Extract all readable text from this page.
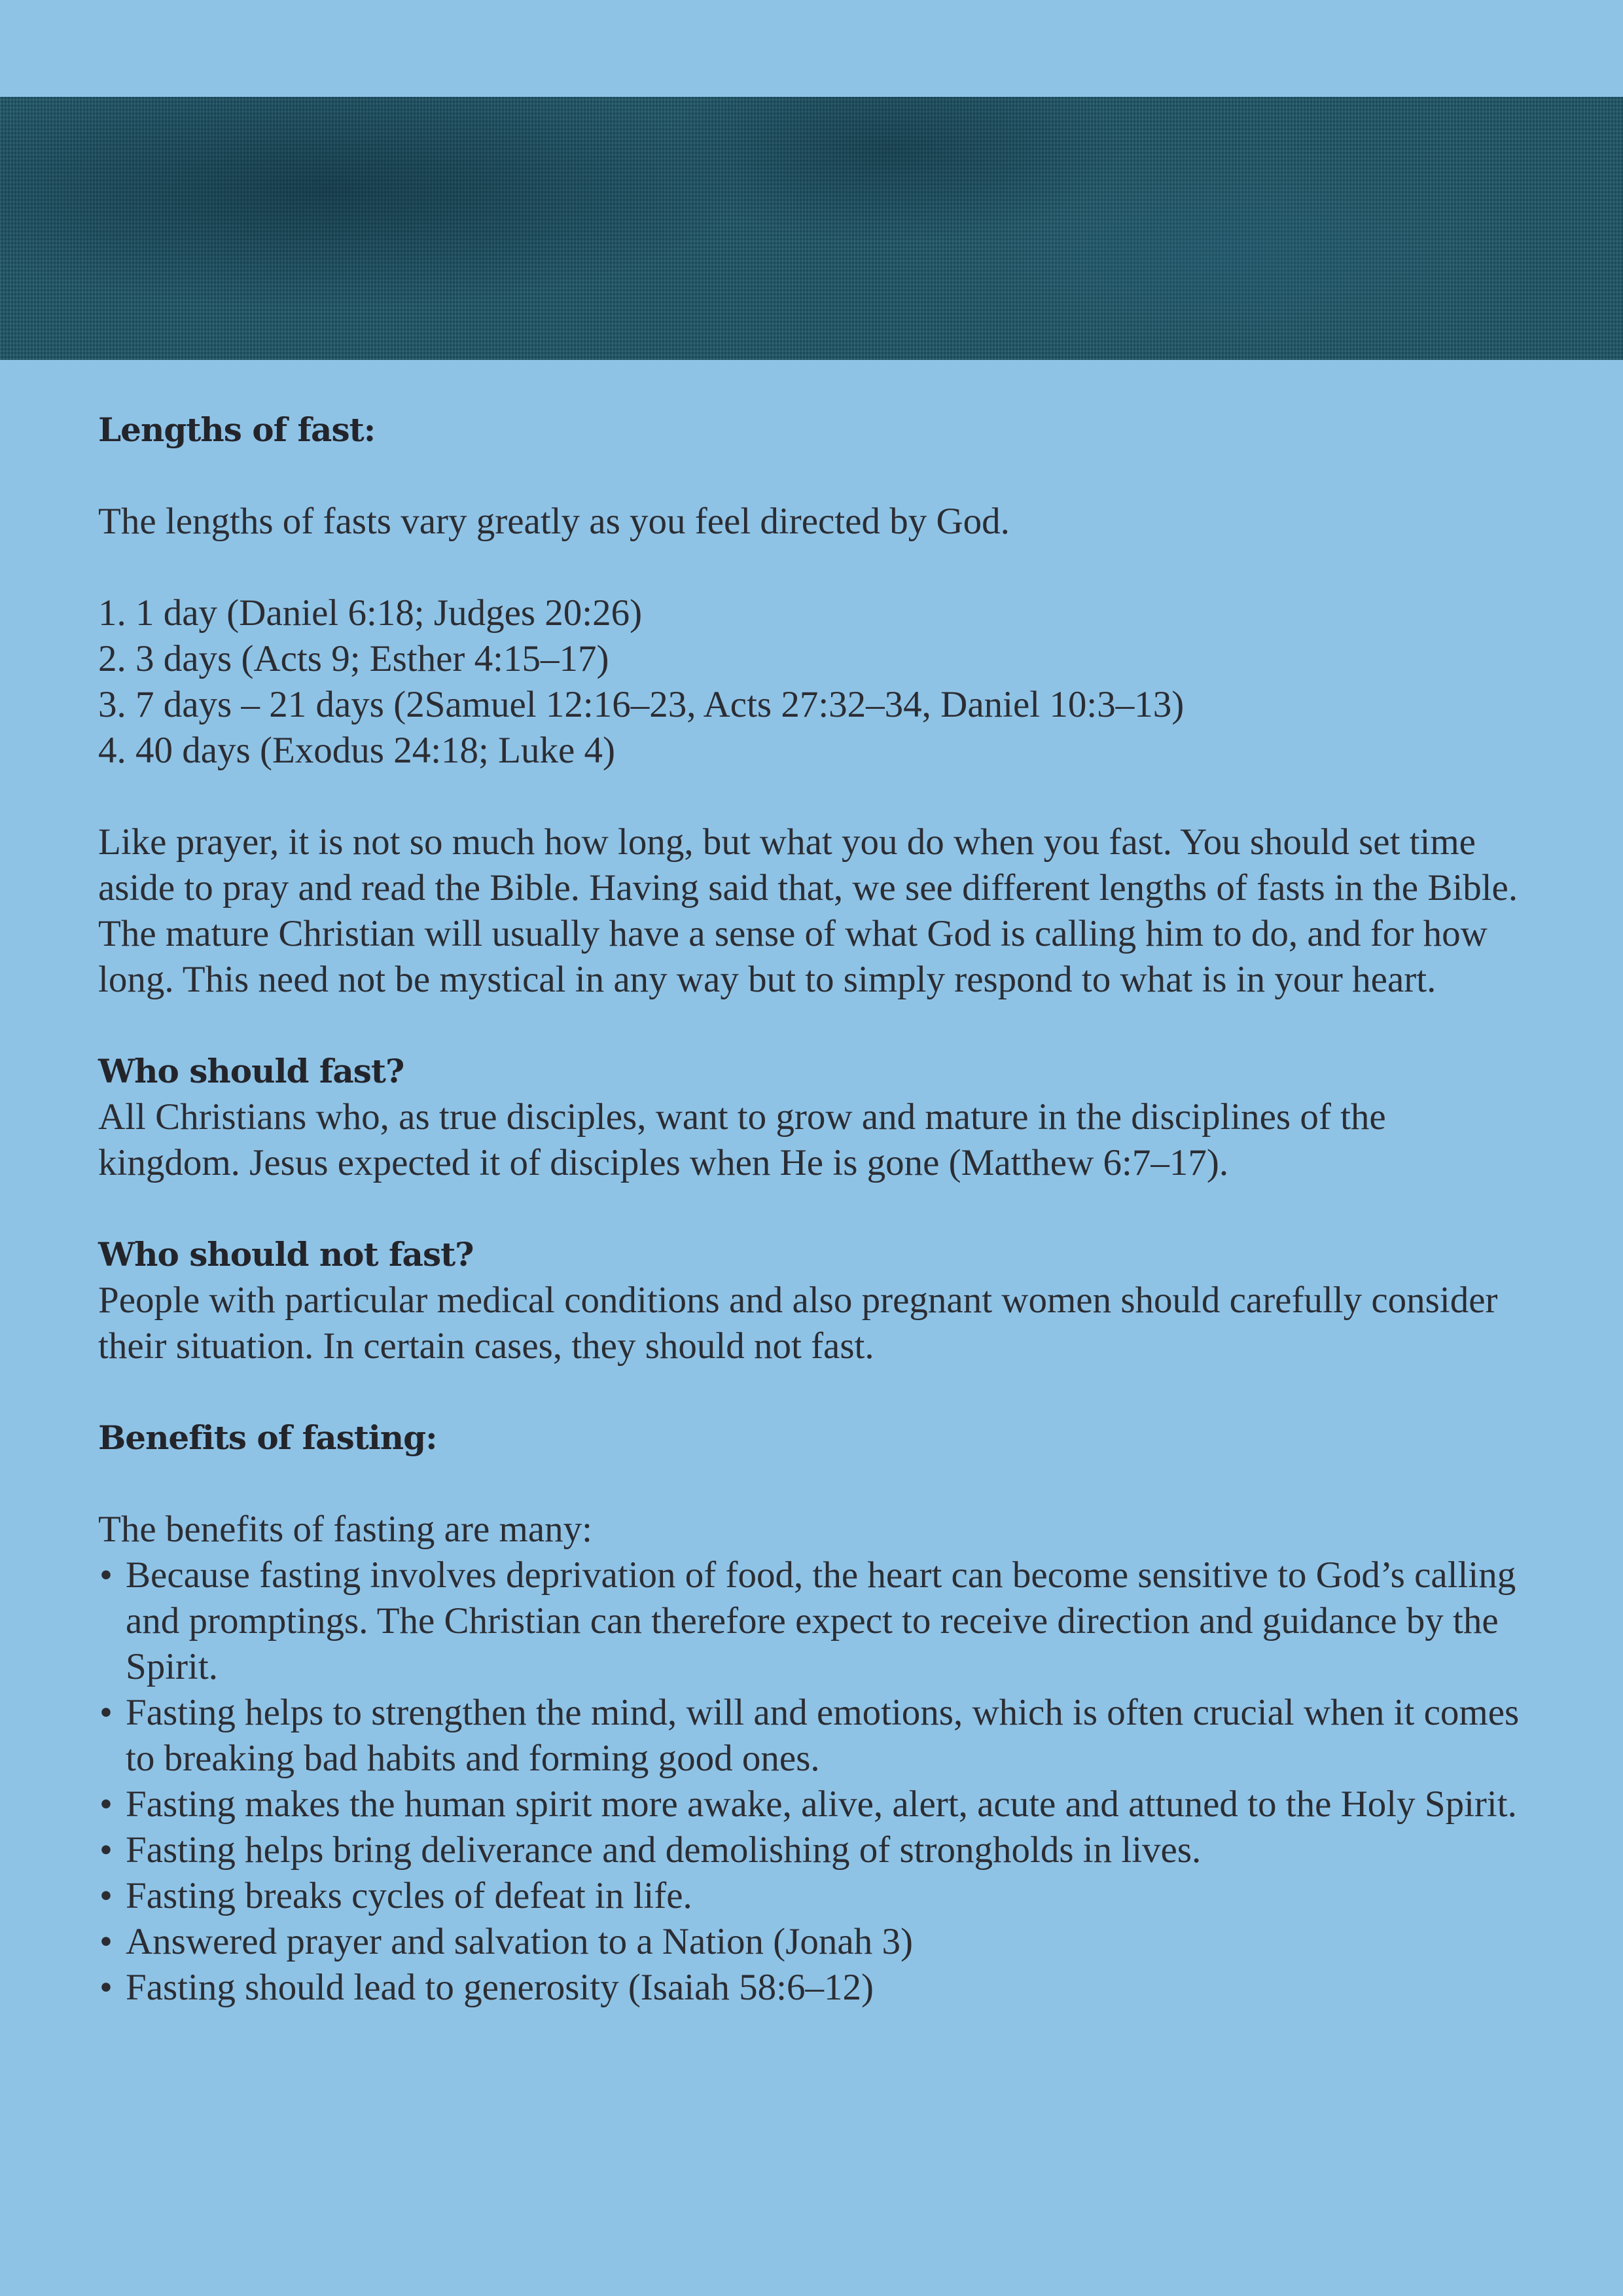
Lengths of fast:
The lengths of fasts vary greatly as you feel directed by God.
1. 1 day (Daniel 6:18; Judges 20:26)
2. 3 days (Acts 9; Esther 4:15–17)
3. 7 days – 21 days (2Samuel 12:16–23, Acts 27:32–34, Daniel 10:3–13)
4. 40 days (Exodus 24:18; Luke 4)
Like prayer, it is not so much how long, but what you do when you fast. You should set time aside to pray and read the Bible. Having said that, we see different lengths of fasts in the Bible. The mature Christian will usually have a sense of what God is calling him to do, and for how long. This need not be mystical in any way but to simply respond to what is in your heart.
Who should fast?
All Christians who, as true disciples, want to grow and mature in the disciplines of the kingdom. Jesus expected it of disciples when He is gone (Matthew 6:7–17).
Who should not fast?
People with particular medical conditions and also pregnant women should carefully consider their situation. In certain cases, they should not fast.
Benefits of fasting:
The benefits of fasting are many:
• Because fasting involves deprivation of food, the heart can become sensitive to God’s calling and promptings. The Christian can therefore expect to receive direction and guidance by the Spirit.
• Fasting helps to strengthen the mind, will and emotions, which is often crucial when it comes to breaking bad habits and forming good ones.
• Fasting makes the human spirit more awake, alive, alert, acute and attuned to the Holy Spirit.
• Fasting helps bring deliverance and demolishing of strongholds in lives.
• Fasting breaks cycles of defeat in life.
• Answered prayer and salvation to a Nation (Jonah 3)
• Fasting should lead to generosity (Isaiah 58:6–12)
